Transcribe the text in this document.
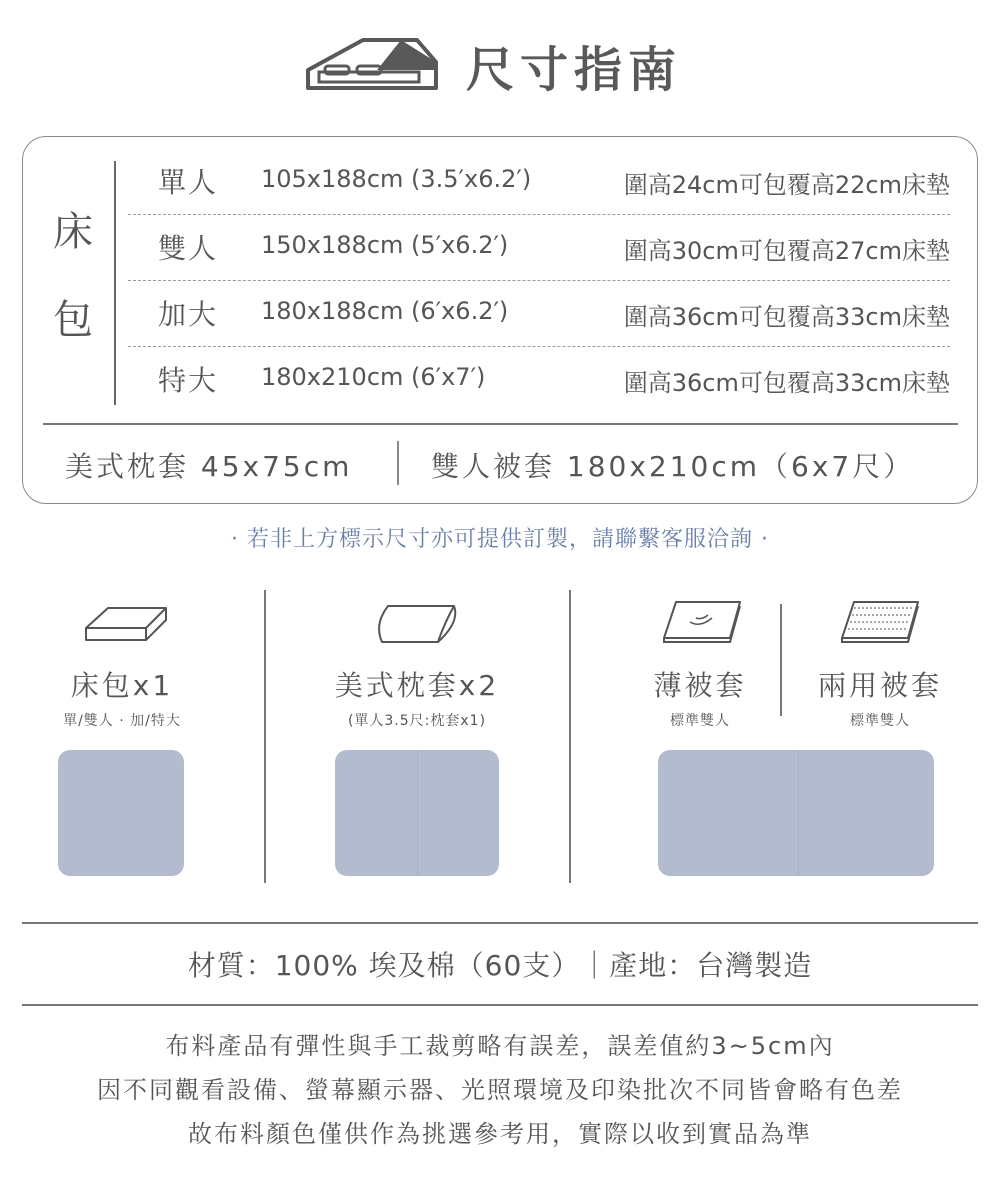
尺寸指南
床
包
單人 105x188cm (3.5′x6.2′)	圍高24cm可包覆高22cm床墊
雙人 150x188cm (5′x6.2′)	圍高30cm可包覆高27cm床墊
加大 180x188cm (6′x6.2′)	圍高36cm可包覆高33cm床墊
特大 180x210cm (6′x7′)	圍高36cm可包覆高33cm床墊
美式枕套 45x75cm	雙人被套 180x210cm（6x7尺）
· 若非上方標示尺寸亦可提供訂製，請聯繫客服洽詢 ·
床包x1
單/雙人 · 加/特大
美式枕套x2
(單人3.5尺:枕套x1)
薄被套
標準雙人
兩用被套
標準雙人
材質：100% 埃及棉（60支）｜產地：台灣製造
布料產品有彈性與手工裁剪略有誤差，誤差值約3~5cm內
因不同觀看設備、螢幕顯示器、光照環境及印染批次不同皆會略有色差
故布料顏色僅供作為挑選參考用，實際以收到實品為準
